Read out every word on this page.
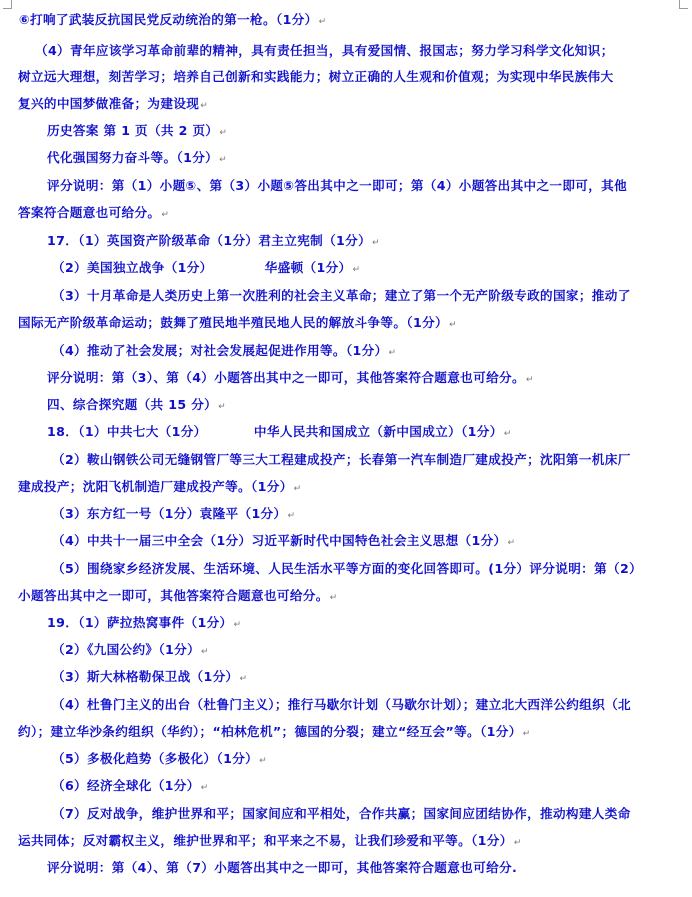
⑥打响了武装反抗国民党反动统治的第一枪。（1分）↵
（4）青年应该学习革命前辈的精神，具有责任担当，具有爱国情、报国志；努力学习科学文化知识；
树立远大理想，刻苦学习；培养自己创新和实践能力；树立正确的人生观和价值观；为实现中华民族伟大
复兴的中国梦做准备；为建设现↵
历史答案 第 1 页（共 2 页）↵
代化强国努力奋斗等。（1分）↵
评分说明：第（1）小题⑤、第（3）小题⑤答出其中之一即可；第（4）小题答出其中之一即可，其他
答案符合题意也可给分。↵
17．（1）英国资产阶级革命（1分）君主立宪制（1分）↵
（2）美国独立战争（1分）           华盛顿（1分）↵
（3）十月革命是人类历史上第一次胜利的社会主义革命；建立了第一个无产阶级专政的国家；推动了
国际无产阶级革命运动；鼓舞了殖民地半殖民地人民的解放斗争等。（1分）↵
（4）推动了社会发展；对社会发展起促进作用等。（1分）↵
评分说明：第（3）、第（4）小题答出其中之一即可，其他答案符合题意也可给分。↵
四、综合探究题（共 15 分）↵
18．（1）中共七大（1分）          中华人民共和国成立（新中国成立）（1分）↵
（2）鞍山钢铁公司无缝钢管厂等三大工程建成投产；长春第一汽车制造厂建成投产；沈阳第一机床厂
建成投产；沈阳飞机制造厂建成投产等。（1分）↵
（3）东方红一号（1分）袁隆平（1分）↵
（4）中共十一届三中全会（1分）习近平新时代中国特色社会主义思想（1分）↵
（5）围绕家乡经济发展、生活环境、人民生活水平等方面的变化回答即可。(1分）评分说明：第（2）
小题答出其中之一即可，其他答案符合题意也可给分。↵
19．（1）萨拉热窝事件（1分）↵
（2）《九国公约》（1分）↵
（3）斯大林格勒保卫战（1分）↵
（4）杜鲁门主义的出台（杜鲁门主义）；推行马歇尔计划（马歇尔计划）；建立北大西洋公约组织（北
约）；建立华沙条约组织（华约）；“柏林危机”；德国的分裂；建立“经互会”等。（1分）↵
（5）多极化趋势（多极化）（1分）↵
（6）经济全球化（1分）↵
（7）反对战争，维护世界和平；国家间应和平相处，合作共赢；国家间应团结协作，推动构建人类命
运共同体；反对霸权主义，维护世界和平；和平来之不易，让我们珍爱和平等。（1分）↵
评分说明：第（4）、第（7）小题答出其中之一即可，其他答案符合题意也可给分.
